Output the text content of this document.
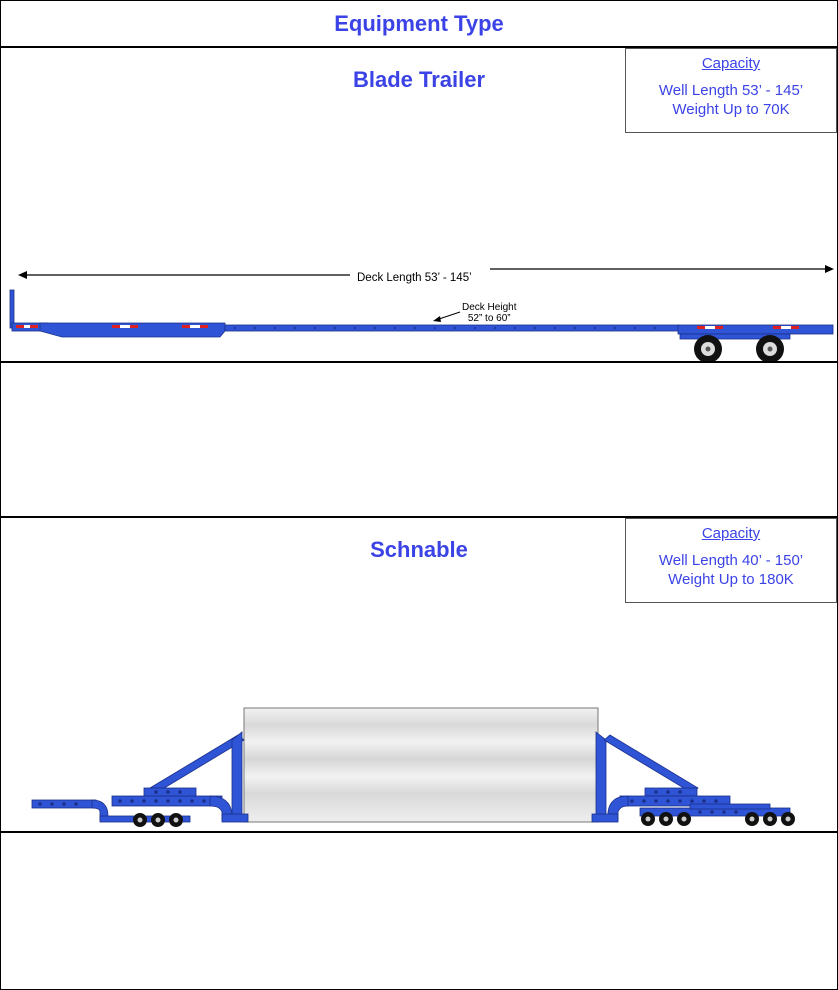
Equipment Type
Blade Trailer
Capacity
Well Length 53’ - 145’
Weight Up to 70K
Deck Length 53’ - 145’
Deck Height
52” to 60”
Schnable
Capacity
Well Length 40’ - 150’
Weight Up to 180K
